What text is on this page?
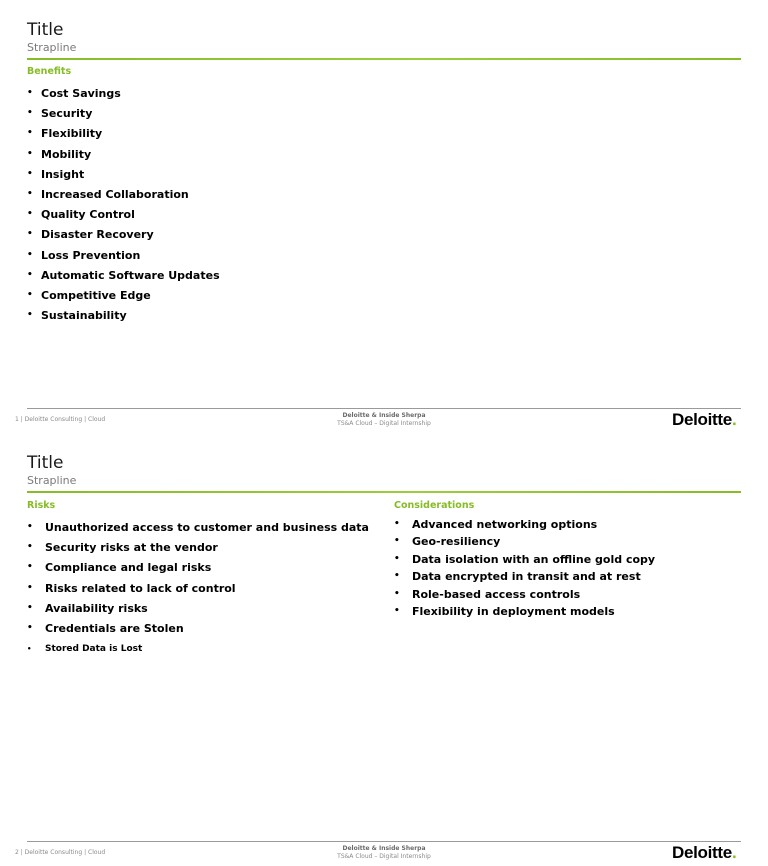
Title
Strapline
Benefits
• Cost Savings
• Security
• Flexibility
• Mobility
• Insight
• Increased Collaboration
• Quality Control
• Disaster Recovery
• Loss Prevention
• Automatic Software Updates
• Competitive Edge
• Sustainability
1 | Deloitte Consulting | Cloud
Deloitte & Inside Sherpa
TS&A Cloud – Digital Internship	Deloitte.
Title
Strapline
Risks	Considerations
• Unauthorized access to customer and business data
• Security risks at the vendor
• Compliance and legal risks
• Risks related to lack of control
• Availability risks
• Credentials are Stolen
• Stored Data is Lost
• Advanced networking options
• Geo-resiliency
• Data isolation with an offline gold copy
• Data encrypted in transit and at rest
• Role-based access controls
• Flexibility in deployment models
2 | Deloitte Consulting | Cloud
Deloitte & Inside Sherpa
TS&A Cloud – Digital Internship	Deloitte.
